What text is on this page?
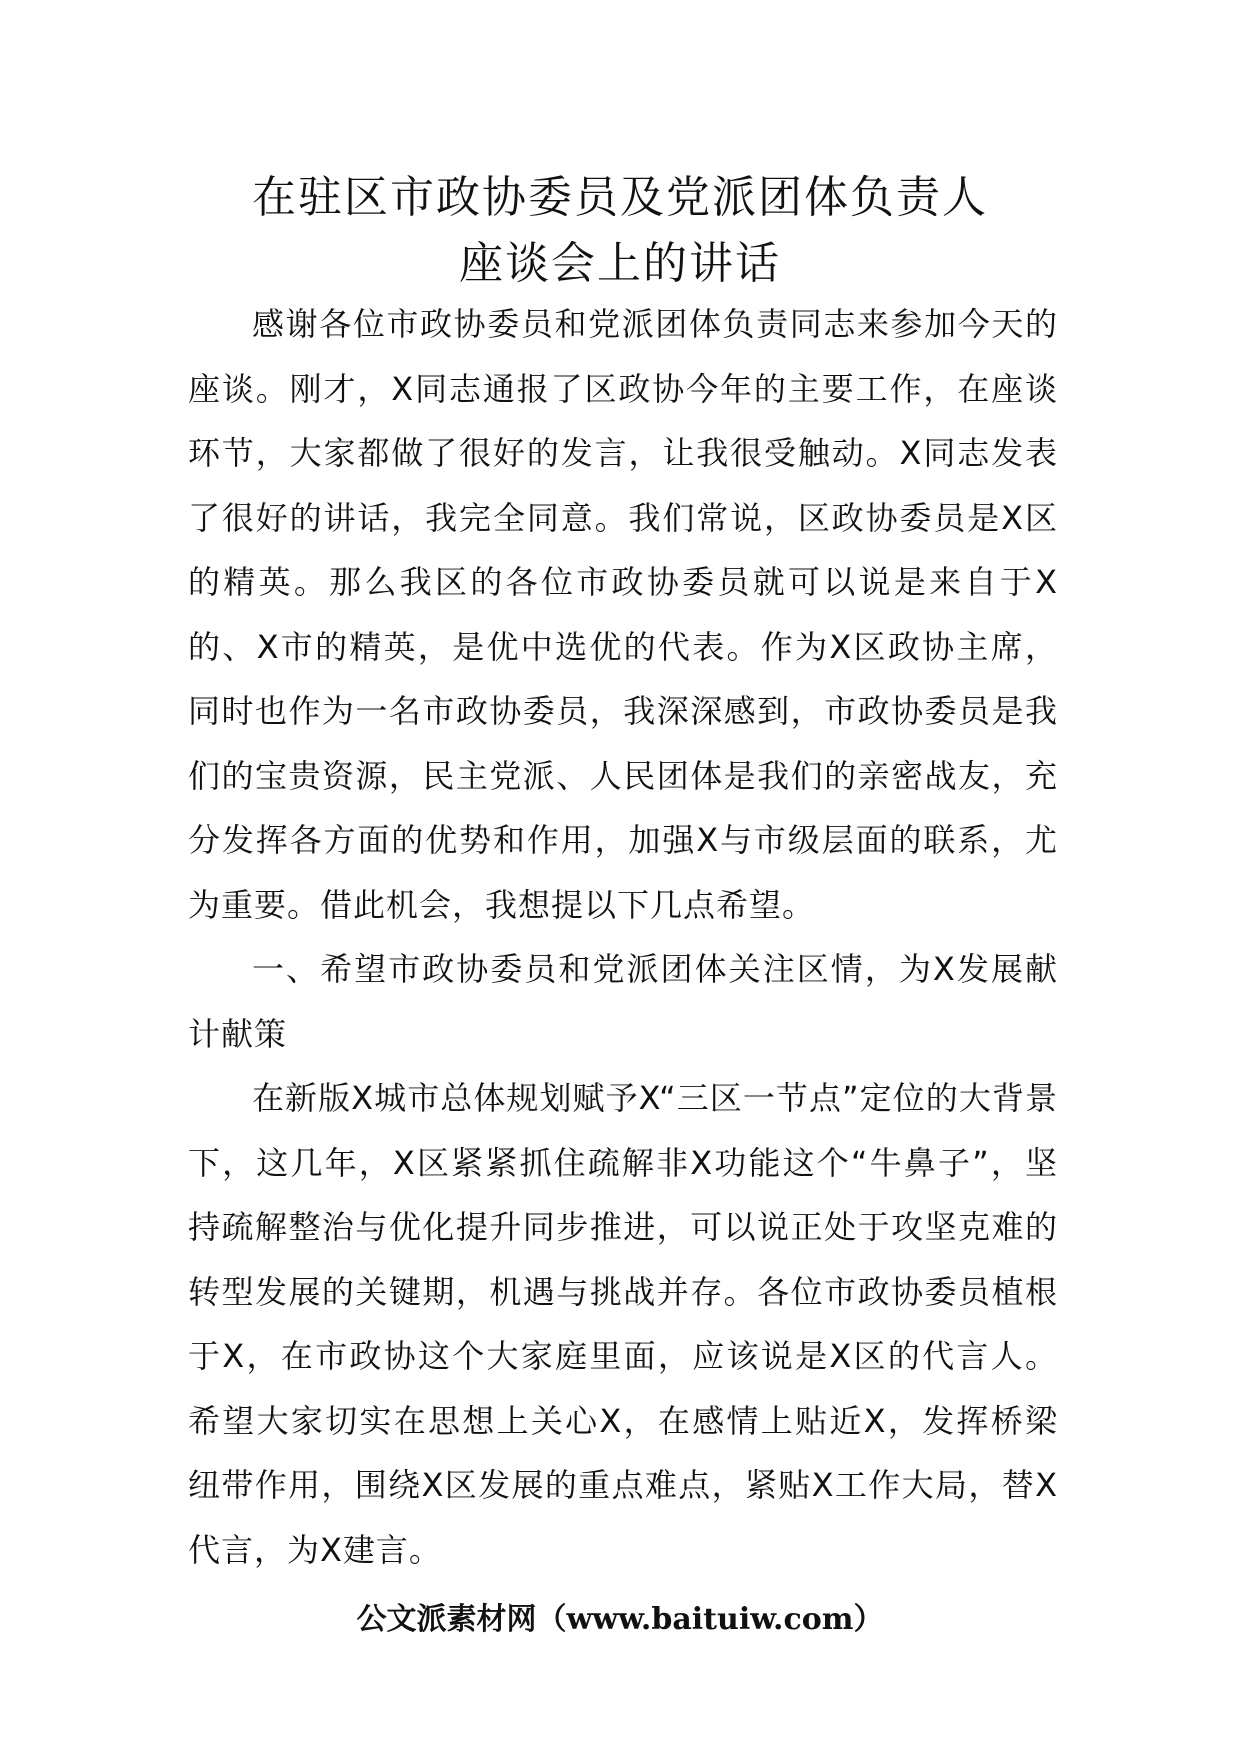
在驻区市政协委员及党派团体负责人
座谈会上的讲话

感谢各位市政协委员和党派团体负责同志来参加今天的座谈。刚才，X同志通报了区政协今年的主要工作，在座谈环节，大家都做了很好的发言，让我很受触动。X同志发表了很好的讲话，我完全同意。我们常说，区政协委员是X区的精英。那么我区的各位市政协委员就可以说是来自于X的、X市的精英，是优中选优的代表。作为X区政协主席，同时也作为一名市政协委员，我深深感到，市政协委员是我们的宝贵资源，民主党派、人民团体是我们的亲密战友，充分发挥各方面的优势和作用，加强X与市级层面的联系，尤为重要。借此机会，我想提以下几点希望。

一、希望市政协委员和党派团体关注区情，为X发展献计献策

在新版X城市总体规划赋予X“三区一节点”定位的大背景下，这几年，X区紧紧抓住疏解非X功能这个“牛鼻子”，坚持疏解整治与优化提升同步推进，可以说正处于攻坚克难的转型发展的关键期，机遇与挑战并存。各位市政协委员植根于X，在市政协这个大家庭里面，应该说是X区的代言人。希望大家切实在思想上关心X，在感情上贴近X，发挥桥梁纽带作用，围绕X区发展的重点难点，紧贴X工作大局，替X代言，为X建言。

公文派素材网（www.baituiw.com）
